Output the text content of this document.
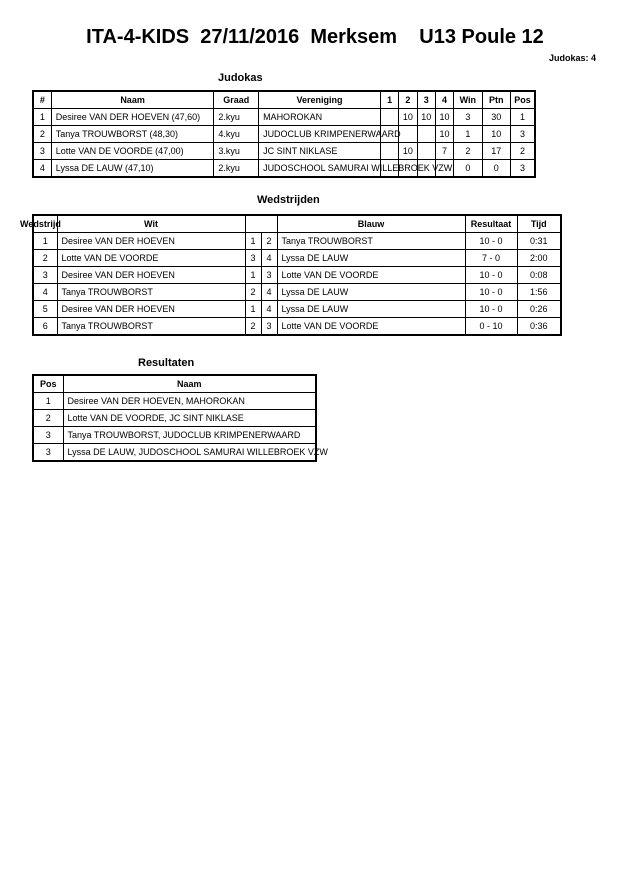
ITA-4-KIDS  27/11/2016  Merksem    U13 Poule 12
Judokas: 4
Judokas
#	Naam	Graad	Vereniging	1	2	3	4	Win	Ptn	Pos
1	Desiree VAN DER HOEVEN (47,60)	2.kyu	MAHOROKAN		10	10	10	3	30	1
2	Tanya TROUWBORST (48,30)	4.kyu	JUDOCLUB KRIMPENERWAARD				10	1	10	3
3	Lotte VAN DE VOORDE (47,00)	3.kyu	JC SINT NIKLASE		10		7	2	17	2
4	Lyssa DE LAUW (47,10)	2.kyu	JUDOSCHOOL SAMURAI WILLEBROEK VZW					0	0	3
Wedstrijden
Wedstrijd	Wit			Blauw	Resultaat	Tijd
1	Desiree VAN DER HOEVEN	1	2	Tanya TROUWBORST	10 - 0	0:31
2	Lotte VAN DE VOORDE	3	4	Lyssa DE LAUW	7 - 0	2:00
3	Desiree VAN DER HOEVEN	1	3	Lotte VAN DE VOORDE	10 - 0	0:08
4	Tanya TROUWBORST	2	4	Lyssa DE LAUW	10 - 0	1:56
5	Desiree VAN DER HOEVEN	1	4	Lyssa DE LAUW	10 - 0	0:26
6	Tanya TROUWBORST	2	3	Lotte VAN DE VOORDE	0 - 10	0:36
Resultaten
Pos	Naam
1	Desiree VAN DER HOEVEN, MAHOROKAN
2	Lotte VAN DE VOORDE, JC SINT NIKLASE
3	Tanya TROUWBORST, JUDOCLUB KRIMPENERWAARD
3	Lyssa DE LAUW, JUDOSCHOOL SAMURAI WILLEBROEK VZW
